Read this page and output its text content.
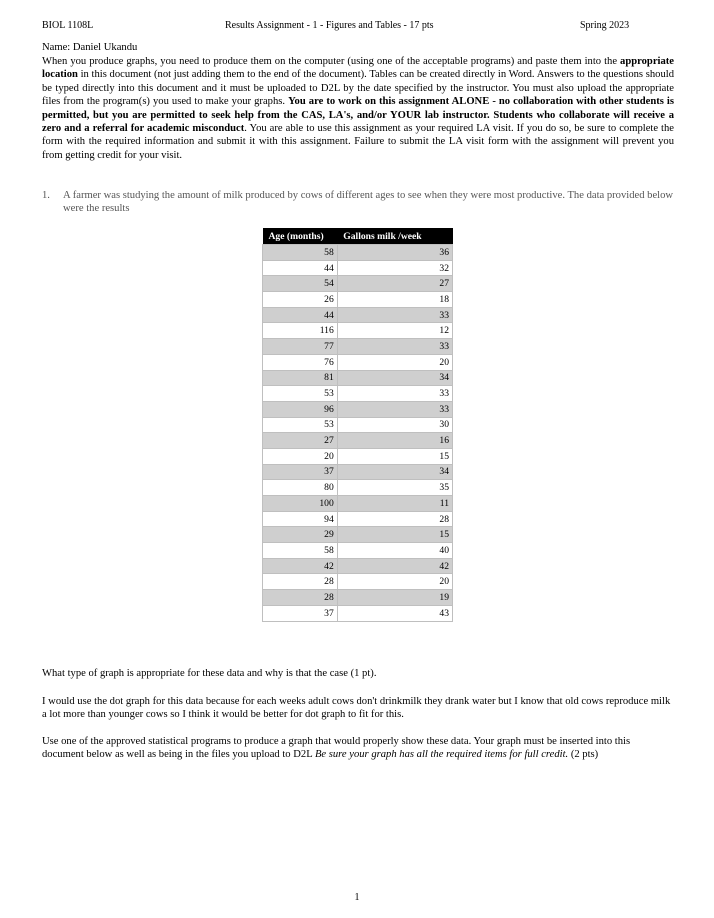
BIOL 1108L	Results Assignment - 1 - Figures and Tables - 17 pts	Spring 2023
Name: Daniel Ukandu
When you produce graphs, you need to produce them on the computer (using one of the acceptable programs) and paste them into the appropriate location in this document (not just adding them to the end of the document). Tables can be created directly in Word. Answers to the questions should be typed directly into this document and it must be uploaded to D2L by the date specified by the instructor. You must also upload the appropriate files from the program(s) you used to make your graphs. You are to work on this assignment ALONE - no collaboration with other students is permitted, but you are permitted to seek help from the CAS, LA's, and/or YOUR lab instructor. Students who collaborate will receive a zero and a referral for academic misconduct. You are able to use this assignment as your required LA visit. If you do so, be sure to complete the form with the required information and submit it with this assignment. Failure to submit the LA visit form with the assignment will prevent you from getting credit for your visit.
1. A farmer was studying the amount of milk produced by cows of different ages to see when they were most productive. The data provided below were the results
Age (months)	Gallons milk /week
58	36
44	32
54	27
26	18
44	33
116	12
77	33
76	20
81	34
53	33
96	33
53	30
27	16
20	15
37	34
80	35
100	11
94	28
29	15
58	40
42	42
28	20
28	19
37	43
What type of graph is appropriate for these data and why is that the case (1 pt).
I would use the dot graph for this data because for each weeks adult cows don't drinkmilk they drank water but I know that old cows reproduce milk a lot more than younger cows so I think it would be better for dot graph to fit for this.
Use one of the approved statistical programs to produce a graph that would properly show these data. Your graph must be inserted into this document below as well as being in the files you upload to D2L Be sure your graph has all the required items for full credit. (2 pts)
1
